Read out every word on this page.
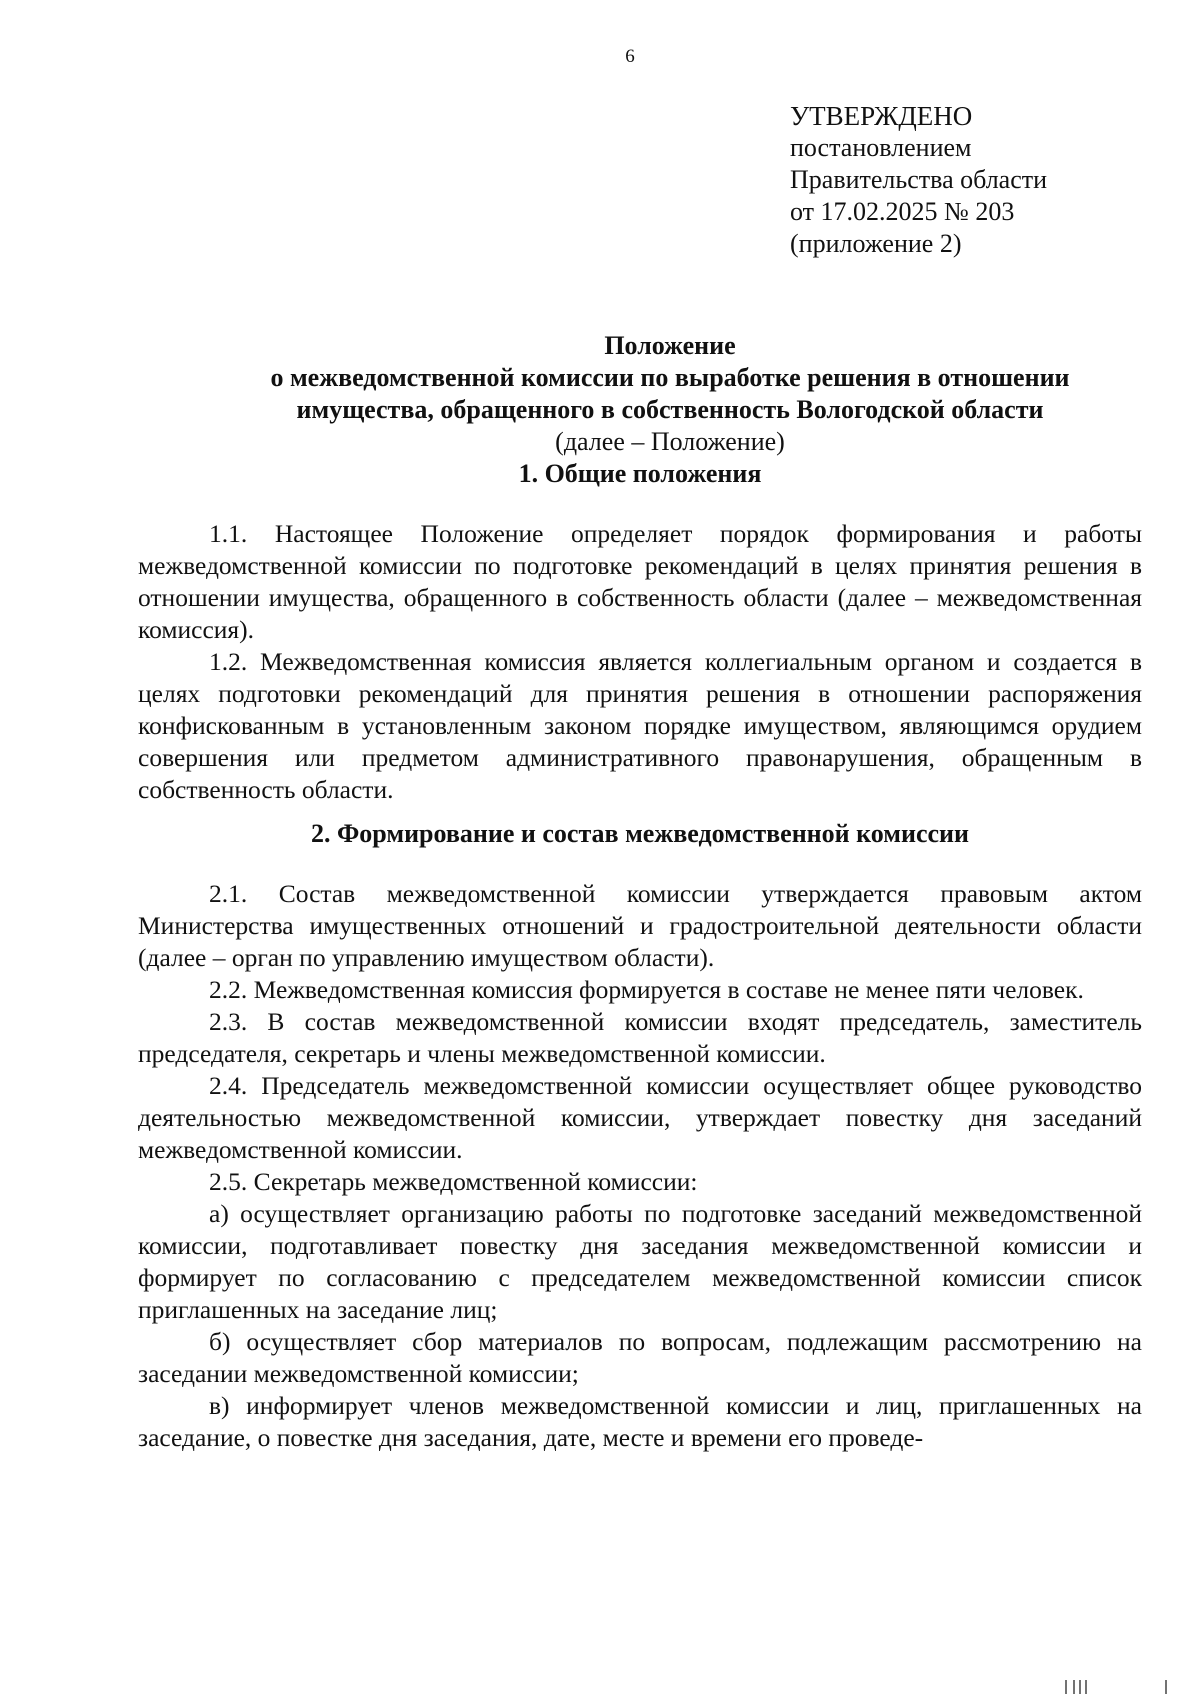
6
УТВЕРЖДЕНО
постановлением
Правительства области
от 17.02.2025 № 203
(приложение 2)
Положение
о межведомственной комиссии по выработке решения в отношении
имущества, обращенного в собственность Вологодской области
(далее – Положение)
1. Общие положения

1.1. Настоящее Положение определяет порядок формирования и работы межведомственной комиссии по подготовке рекомендаций в целях принятия решения в отношении имущества, обращенного в собственность области (далее – межведомственная комиссия).

1.2. Межведомственная комиссия является коллегиальным органом и создается в целях подготовки рекомендаций для принятия решения в отношении распоряжения конфискованным в установленным законом порядке имуществом, являющимся орудием совершения или предметом административного правонарушения, обращенным в собственность области.

2. Формирование и состав межведомственной комиссии

2.1. Состав межведомственной комиссии утверждается правовым актом Министерства имущественных отношений и градостроительной деятельности области (далее – орган по управлению имуществом области).

2.2. Межведомственная комиссия формируется в составе не менее пяти человек.

2.3. В состав межведомственной комиссии входят председатель, заместитель председателя, секретарь и члены межведомственной комиссии.

2.4. Председатель межведомственной комиссии осуществляет общее руководство деятельностью межведомственной комиссии, утверждает повестку дня заседаний межведомственной комиссии.

2.5. Секретарь межведомственной комиссии:

а) осуществляет организацию работы по подготовке заседаний межведомственной комиссии, подготавливает повестку дня заседания межведомственной комиссии и формирует по согласованию с председателем межведомственной комиссии список приглашенных на заседание лиц;

б) осуществляет сбор материалов по вопросам, подлежащим рассмотрению на заседании межведомственной комиссии;

в) информирует членов межведомственной комиссии и лиц, приглашенных на заседание, о повестке дня заседания, дате, месте и времени его проведе-
